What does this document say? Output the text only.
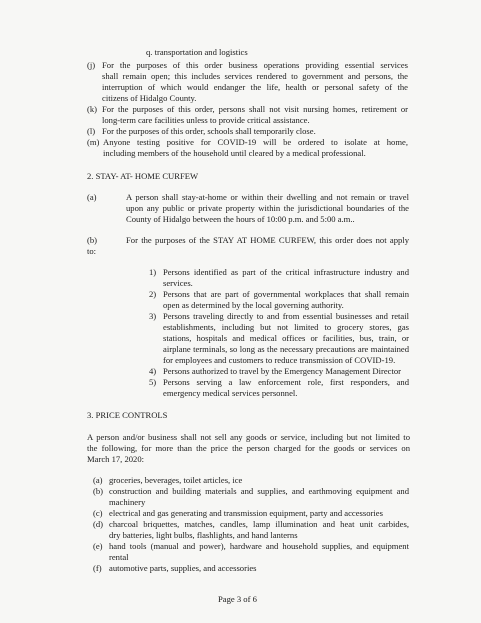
q. transportation and logistics

(j) For the purposes of this order business operations providing essential services

shall remain open; this includes services rendered to government and persons, the

interruption of which would endanger the life, health or personal safety of the

citizens of Hidalgo County.

(k) For the purposes of this order, persons shall not visit nursing homes, retirement or

long-term care facilities unless to provide critical assistance.

(l) For the purposes of this order, schools shall temporarily close.

(m) Anyone testing positive for COVID-19 will be ordered to isolate at home,

including members of the household until cleared by a medical professional.

2. STAY- AT- HOME CURFEW

(a)	A person shall stay-at-home or within their dwelling and not remain or travel

upon any public or private property within the jurisdictional boundaries of the

County of Hidalgo between the hours of 10:00 p.m. and 5:00 a.m..

(b)	For the purposes of the STAY AT HOME CURFEW, this order does not apply

to:

1) Persons identified as part of the critical infrastructure industry and

services.

2) Persons that are part of governmental workplaces that shall remain

open as determined by the local governing authority.

3) Persons traveling directly to and from essential businesses and retail

establishments, including but not limited to grocery stores, gas

stations, hospitals and medical offices or facilities, bus, train, or

airplane terminals, so long as the necessary precautions are maintained

for employees and customers to reduce transmission of COVID-19.

4) Persons authorized to travel by the Emergency Management Director

5) Persons serving a law enforcement role, first responders, and

emergency medical services personnel.

3. PRICE CONTROLS

A person and/or business shall not sell any goods or service, including but not limited to

the following, for more than the price the person charged for the goods or services on

March 17, 2020:

(a) groceries, beverages, toilet articles, ice

(b) construction and building materials and supplies, and earthmoving equipment and

machinery

(c) electrical and gas generating and transmission equipment, party and accessories

(d) charcoal briquettes, matches, candles, lamp illumination and heat unit carbides,

dry batteries, light bulbs, flashlights, and hand lanterns

(e) hand tools (manual and power), hardware and household supplies, and equipment

rental

(f) automotive parts, supplies, and accessories

Page 3 of 6
